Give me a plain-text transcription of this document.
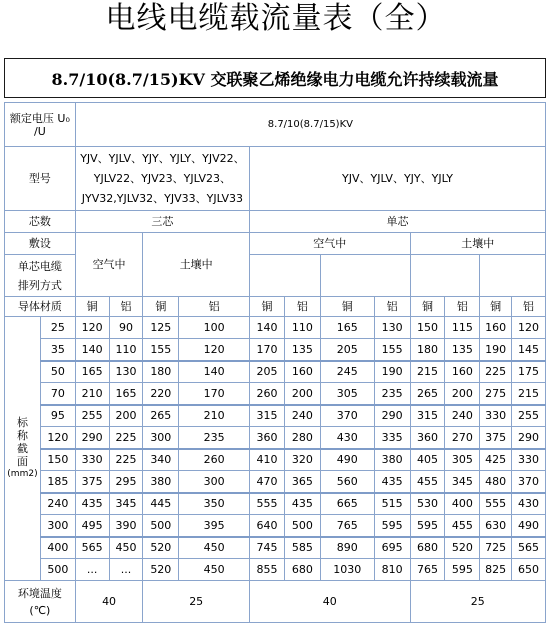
电线电缆载流量表（全）
8.7/10(8.7/15)KV 交联聚乙烯绝缘电力电缆允许持续载流量
额定电压 U₀
/U		8.7/10(8.7/15)KV											
型号		YJV、YJLV、YJY、YJLY、YJV22、
YJLV22、YJV23、YJLV23、
JYV32,YJLV32、YJV33、YJLV33				YJV、YJLV、YJY、YJLY							
芯数		三芯				单芯							
敷设		空气中		土壤中		空气中				土壤中			

单芯电缆
排列方式													

导体材质		铜	铝	铜	铝	铜	铝	铜	铝	铜	铝	铜	铝

标
称
截
面
(mm2)	25	120	90	125	100	140	110	165	130	150	115	160	120
	35	140	110	155	120	170	135	205	155	180	135	190	145
	50	165	130	180	140	205	160	245	190	215	160	225	175
	70	210	165	220	170	260	200	305	235	265	200	275	215
	95	255	200	265	210	315	240	370	290	315	240	330	255
	120	290	225	300	235	360	280	430	335	360	270	375	290
	150	330	225	340	260	410	320	490	380	405	305	425	330
	185	375	295	380	300	470	365	560	435	455	345	480	370
	240	435	345	445	350	555	435	665	515	530	400	555	430
	300	495	390	500	395	640	500	765	595	595	455	630	490
	400	565	450	520	450	745	585	890	695	680	520	725	565
	500	...	...	520	450	855	680	1030	810	765	595	825	650

环境温度
(℃)		40		25		40				25			
